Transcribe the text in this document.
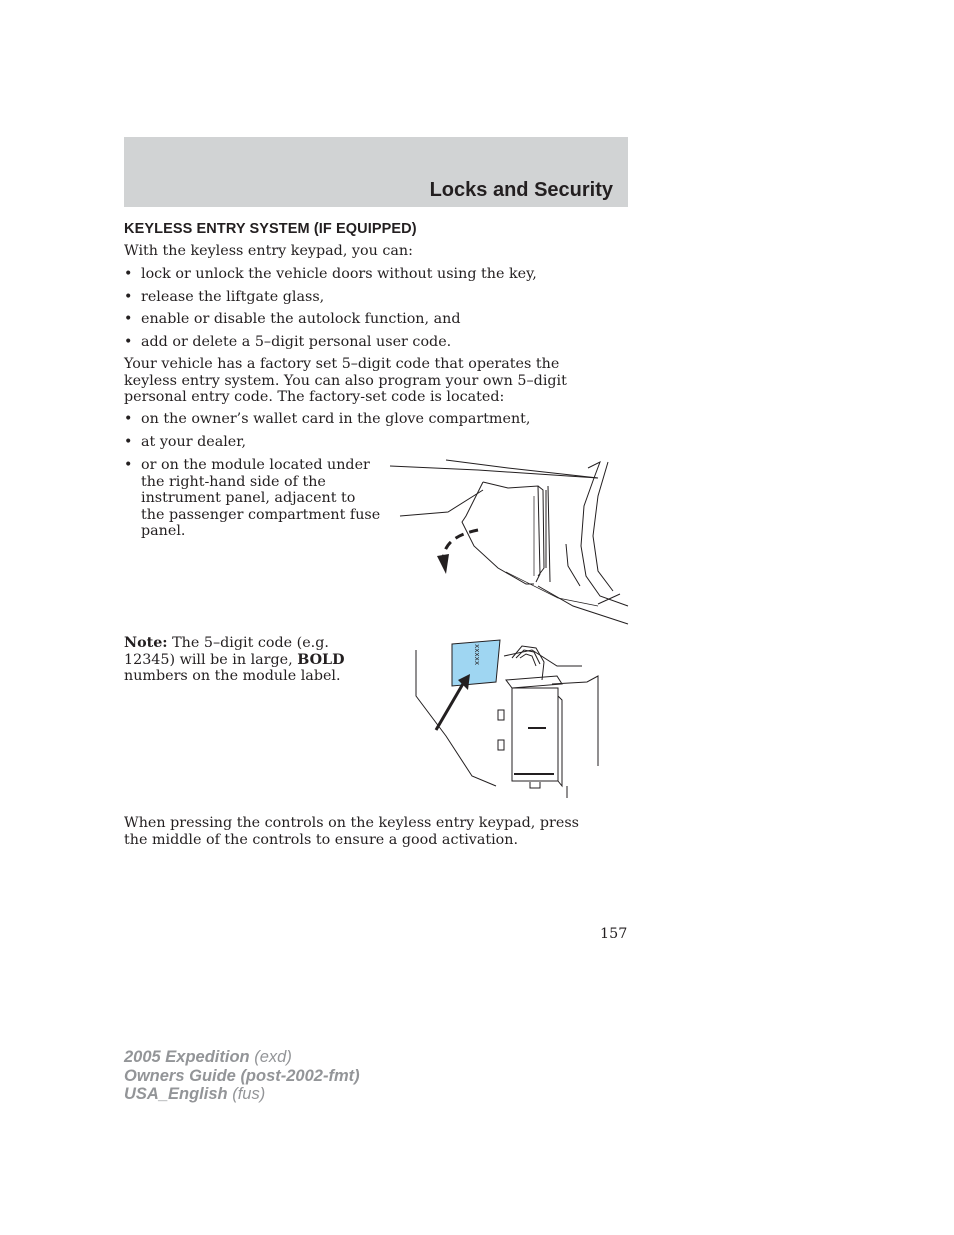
Locks and Security
KEYLESS ENTRY SYSTEM (IF EQUIPPED)
With the keyless entry keypad, you can:
• lock or unlock the vehicle doors without using the key,
• release the liftgate glass,
• enable or disable the autolock function, and
• add or delete a 5–digit personal user code.
Your vehicle has a factory set 5–digit code that operates the keyless entry system. You can also program your own 5–digit personal entry code. The factory-set code is located:
• on the owner’s wallet card in the glove compartment,
• at your dealer,
• or on the module located under the right-hand side of the instrument panel, adjacent to the passenger compartment fuse panel.
Note: The 5–digit code (e.g. 12345) will be in large, BOLD numbers on the module label.
xxxxx
When pressing the controls on the keyless entry keypad, press the middle of the controls to ensure a good activation.
157
2005 Expedition (exd)
Owners Guide (post-2002-fmt)
USA_English (fus)
